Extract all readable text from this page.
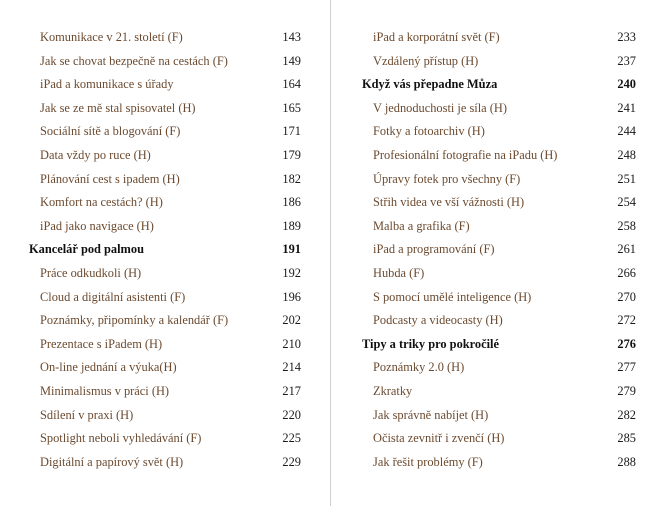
Komunikace v 21. století (F)	143
Jak se chovat bezpečně na cestách (F)	149
iPad a komunikace s úřady	164
Jak se ze mě stal spisovatel (H)	165
Sociální sítě a blogování (F)	171
Data vždy po ruce (H)	179
Plánování cest s ipadem (H)	182
Komfort na cestách? (H)	186
iPad jako navigace (H)	189
Kancelář pod palmou	191
Práce odkudkoli (H)	192
Cloud a digitální asistenti (F)	196
Poznámky, připomínky a kalendář (F)	202
Prezentace s iPadem (H)	210
On-line jednání a výuka(H)	214
Minimalismus v práci (H)	217
Sdílení v praxi (H)	220
Spotlight neboli vyhledávání (F)	225
Digitální a papírový svět (H)	229
iPad a korporátní svět (F)	233
Vzdálený přístup (H)	237
Když vás přepadne Můza	240
V jednoduchosti je síla (H)	241
Fotky a fotoarchiv (H)	244
Profesionální fotografie na iPadu (H)	248
Úpravy fotek pro všechny (F)	251
Střih videa ve vší vážnosti (H)	254
Malba a grafika (F)	258
iPad a programování (F)	261
Hubda (F)	266
S pomocí umělé inteligence (H)	270
Podcasty a videocasty (H)	272
Tipy a triky pro pokročilé	276
Poznámky 2.0 (H)	277
Zkratky	279
Jak správně nabíjet (H)	282
Očista zevnitř i zvenčí (H)	285
Jak řešit problémy (F)	288
